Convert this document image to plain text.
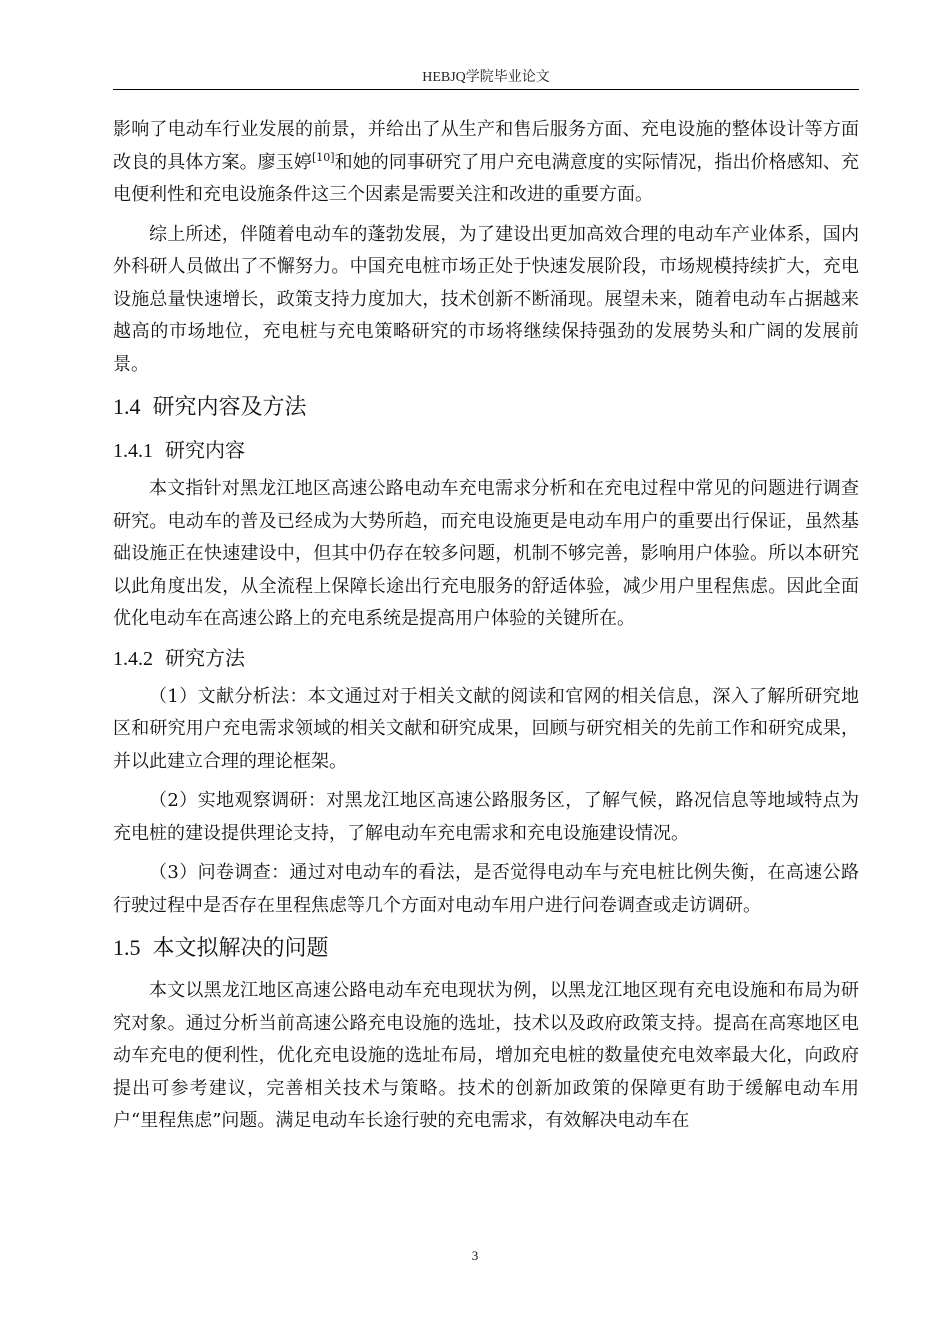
HEBJQ学院毕业论文

影响了电动车行业发展的前景，并给出了从生产和售后服务方面、充电设施的整体设计等方面改良的具体方案。廖玉婷[10]和她的同事研究了用户充电满意度的实际情况，指出价格感知、充电便利性和充电设施条件这三个因素是需要关注和改进的重要方面。

综上所述，伴随着电动车的蓬勃发展，为了建设出更加高效合理的电动车产业体系，国内外科研人员做出了不懈努力。中国充电桩市场正处于快速发展阶段，市场规模持续扩大，充电设施总量快速增长，政策支持力度加大，技术创新不断涌现。展望未来，随着电动车占据越来越高的市场地位，充电桩与充电策略研究的市场将继续保持强劲的发展势头和广阔的发展前景。

1.4 研究内容及方法
1.4.1 研究内容

本文指针对黑龙江地区高速公路电动车充电需求分析和在充电过程中常见的问题进行调查研究。电动车的普及已经成为大势所趋，而充电设施更是电动车用户的重要出行保证，虽然基础设施正在快速建设中，但其中仍存在较多问题，机制不够完善，影响用户体验。所以本研究以此角度出发，从全流程上保障长途出行充电服务的舒适体验，减少用户里程焦虑。因此全面优化电动车在高速公路上的充电系统是提高用户体验的关键所在。

1.4.2 研究方法

（1）文献分析法：本文通过对于相关文献的阅读和官网的相关信息，深入了解所研究地区和研究用户充电需求领域的相关文献和研究成果，回顾与研究相关的先前工作和研究成果，并以此建立合理的理论框架。

（2）实地观察调研：对黑龙江地区高速公路服务区，了解气候，路况信息等地域特点为充电桩的建设提供理论支持，了解电动车充电需求和充电设施建设情况。

（3）问卷调查：通过对电动车的看法，是否觉得电动车与充电桩比例失衡，在高速公路行驶过程中是否存在里程焦虑等几个方面对电动车用户进行问卷调查或走访调研。

1.5 本文拟解决的问题

本文以黑龙江地区高速公路电动车充电现状为例，以黑龙江地区现有充电设施和布局为研究对象。通过分析当前高速公路充电设施的选址，技术以及政府政策支持。提高在高寒地区电动车充电的便利性，优化充电设施的选址布局，增加充电桩的数量使充电效率最大化，向政府提出可参考建议，完善相关技术与策略。技术的创新加政策的保障更有助于缓解电动车用户“里程焦虑”问题。满足电动车长途行驶的充电需求，有效解决电动车在

3
